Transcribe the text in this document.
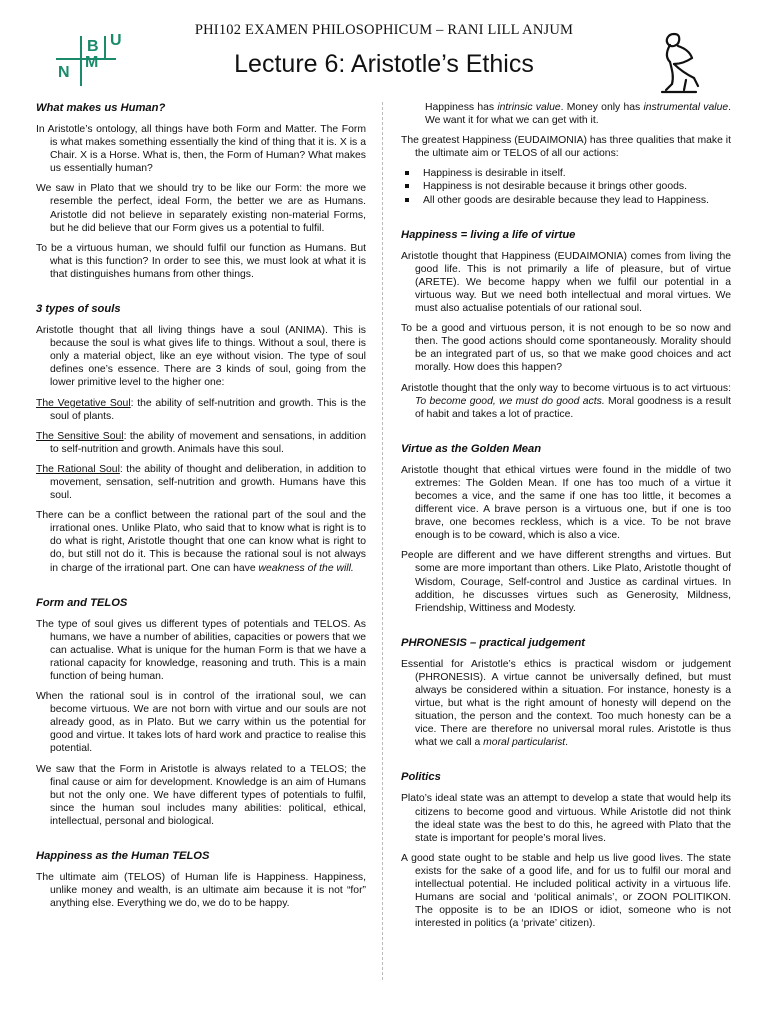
N
M
B U
PHI102 EXAMEN PHILOSOPHICUM – RANI LILL ANJUM
Lecture 6: Aristotle’s Ethics
What makes us Human?
In Aristotle’s ontology, all things have both Form and Matter. The Form is what makes something essentially the kind of thing that it is. X is a Chair. X is a Horse. What is, then, the Form of Human? What makes us essentially human?
We saw in Plato that we should try to be like our Form: the more we resemble the perfect, ideal Form, the better we are as Humans. Aristotle did not believe in separately existing non-material Forms, but he did believe that our Form gives us a potential to fulfil.
To be a virtuous human, we should fulfil our function as Humans. But what is this function? In order to see this, we must look at what it is that distinguishes humans from other things.
3 types of souls
Aristotle thought that all living things have a soul (ANIMA). This is because the soul is what gives life to things. Without a soul, there is only a material object, like an eye without vision. The type of soul defines one’s essence. There are 3 kinds of soul, going from the lower primitive level to the higher one:
The Vegetative Soul: the ability of self-nutrition and growth. This is the soul of plants.
The Sensitive Soul: the ability of movement and sensations, in addition to self-nutrition and growth. Animals have this soul.
The Rational Soul: the ability of thought and deliberation, in addition to movement, sensation, self-nutrition and growth. Humans have this soul.
There can be a conflict between the rational part of the soul and the irrational ones. Unlike Plato, who said that to know what is right is to do what is right, Aristotle thought that one can know what is right to do, but still not do it. This is because the rational soul is not always in charge of the irrational part. One can have weakness of the will.
Form and TELOS
The type of soul gives us different types of potentials and TELOS. As humans, we have a number of abilities, capacities or powers that we can actualise. What is unique for the human Form is that we have a rational capacity for knowledge, reasoning and truth. This is a main function of being human.
When the rational soul is in control of the irrational soul, we can become virtuous. We are not born with virtue and our souls are not already good, as in Plato. But we carry within us the potential for good and virtue. It takes lots of hard work and practice to realise this potential.
We saw that the Form in Aristotle is always related to a TELOS; the final cause or aim for development. Knowledge is an aim of Humans but not the only one. We have different types of potentials to fulfil, since the human soul includes many abilities: political, ethical, intellectual, personal and biological.
Happiness as the Human TELOS
The ultimate aim (TELOS) of Human life is Happiness. Happiness, unlike money and wealth, is an ultimate aim because it is not “for” anything else. Everything we do, we do to be happy.
Happiness has intrinsic value. Money only has instrumental value. We want it for what we can get with it.
The greatest Happiness (EUDAIMONIA) has three qualities that make it the ultimate aim or TELOS of all our actions:
Happiness is desirable in itself.
Happiness is not desirable because it brings other goods.
All other goods are desirable because they lead to Happiness.
Happiness = living a life of virtue
Aristotle thought that Happiness (EUDAIMONIA) comes from living the good life. This is not primarily a life of pleasure, but of virtue (ARETE). We become happy when we fulfil our potential in a virtuous way. But we need both intellectual and moral virtues. We must also actualise potentials of our rational soul.
To be a good and virtuous person, it is not enough to be so now and then. The good actions should come spontaneously. Morality should be an integrated part of us, so that we make good choices and act morally. How does this happen?
Aristotle thought that the only way to become virtuous is to act virtuous: To become good, we must do good acts. Moral goodness is a result of habit and takes a lot of practice.
Virtue as the Golden Mean
Aristotle thought that ethical virtues were found in the middle of two extremes: The Golden Mean. If one has too much of a virtue it becomes a vice, and the same if one has too little, it becomes a different vice. A brave person is a virtuous one, but if one is too brave, one becomes reckless, which is a vice. To be not brave enough is to be coward, which is also a vice.
People are different and we have different strengths and virtues. But some are more important than others. Like Plato, Aristotle thought of Wisdom, Courage, Self-control and Justice as cardinal virtues. In addition, he discusses virtues such as Generosity, Mildness, Friendship, Wittiness and Modesty.
PHRONESIS – practical judgement
Essential for Aristotle’s ethics is practical wisdom or judgement (PHRONESIS). A virtue cannot be universally defined, but must always be considered within a situation. For instance, honesty is a virtue, but what is the right amount of honesty will depend on the situation, the person and the context. Too much honesty can be a vice. There are therefore no universal moral rules. Aristotle is thus what we call a moral particularist.
Politics
Plato’s ideal state was an attempt to develop a state that would help its citizens to become good and virtuous. While Aristotle did not think the ideal state was the best to do this, he agreed with Plato that the state is important for people’s moral lives.
A good state ought to be stable and help us live good lives. The state exists for the sake of a good life, and for us to fulfil our moral and intellectual potential. He included political activity in a virtuous life. Humans are social and ‘political animals’, or ZOON POLITIKON. The opposite is to be an IDIOS or idiot, someone who is not interested in politics (a ‘private’ citizen).
